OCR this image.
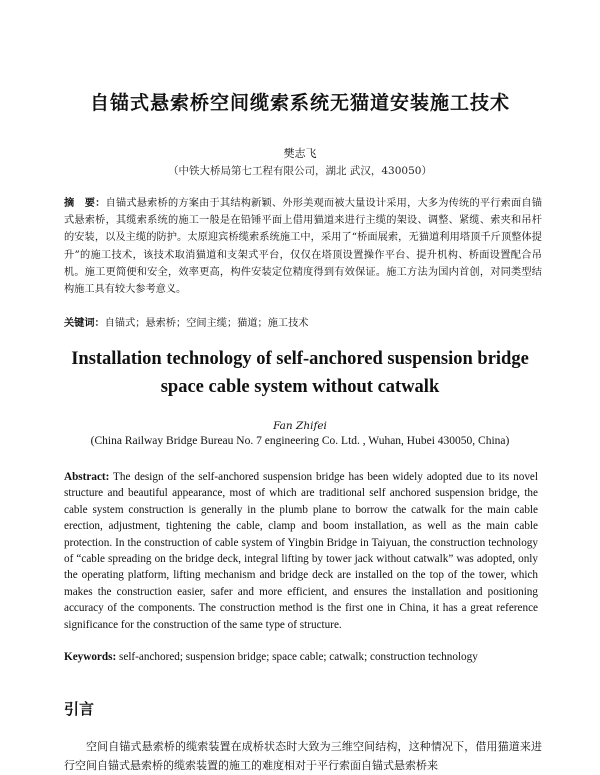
自锚式悬索桥空间缆索系统无猫道安装施工技术
樊志飞
（中铁大桥局第七工程有限公司，湖北 武汉，430050）
摘　要：自锚式悬索桥的方案由于其结构新颖、外形美观而被大量设计采用，大多为传统的平行索面自锚式悬索桥，其缆索系统的施工一般是在铅锤平面上借用猫道来进行主缆的架设、调整、紧缆、索夹和吊杆的安装，以及主缆的防护。太原迎宾桥缆索系统施工中，采用了“桥面展索，无猫道利用塔顶千斤顶整体提升”的施工技术，该技术取消猫道和支架式平台，仅仅在塔顶设置操作平台、提升机构、桥面设置配合吊机。施工更简便和安全，效率更高，构件安装定位精度得到有效保证。施工方法为国内首创，对同类型结构施工具有较大参考意义。
关键词：自锚式；悬索桥；空间主缆；猫道；施工技术
Installation technology of self-anchored suspension bridge space cable system without catwalk
Fan Zhifei
(China Railway Bridge Bureau No. 7 engineering Co. Ltd. , Wuhan, Hubei 430050, China)
Abstract: The design of the self-anchored suspension bridge has been widely adopted due to its novel structure and beautiful appearance, most of which are traditional self anchored suspension bridge, the cable system construction is generally in the plumb plane to borrow the catwalk for the main cable erection, adjustment, tightening the cable, clamp and boom installation, as well as the main cable protection. In the construction of cable system of Yingbin Bridge in Taiyuan, the construction technology of “cable spreading on the bridge deck, integral lifting by tower jack without catwalk” was adopted, only the operating platform, lifting mechanism and bridge deck are installed on the top of the tower, which makes the construction easier, safer and more efficient, and ensures the installation and positioning accuracy of the components. The construction method is the first one in China, it has a great reference significance for the construction of the same type of structure.
Keywords: self-anchored; suspension bridge; space cable; catwalk; construction technology
引言
空间自锚式悬索桥的缆索装置在成桥状态时大致为三维空间结构，这种情况下，借用猫道来进行空间自锚式悬索桥的缆索装置的施工的难度相对于平行索面自锚式悬索桥来
